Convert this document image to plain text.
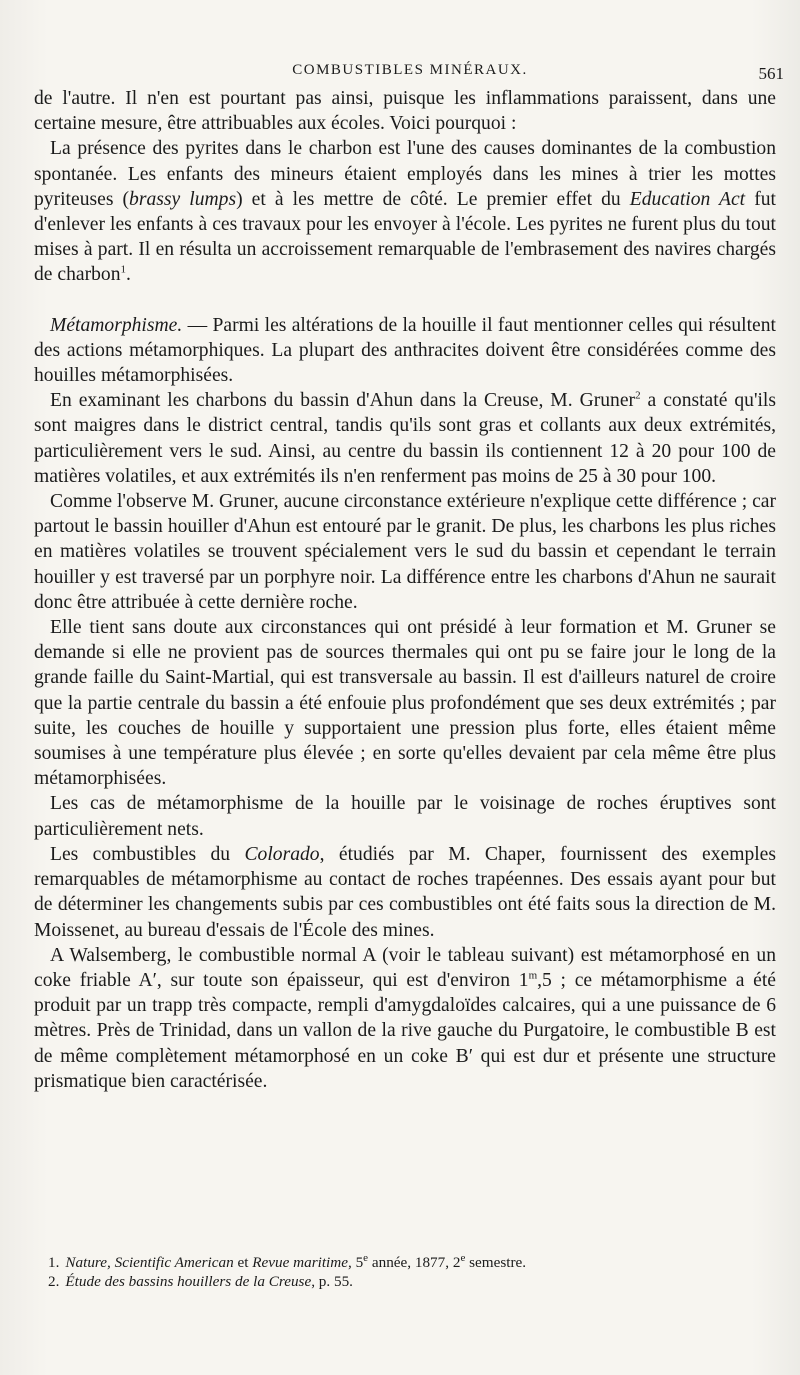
COMBUSTIBLES MINÉRAUX.	561

de l'autre. Il n'en est pourtant pas ainsi, puisque les inflammations paraissent, dans une certaine mesure, être attribuables aux écoles. Voici pourquoi :

La présence des pyrites dans le charbon est l'une des causes dominantes de la combustion spontanée. Les enfants des mineurs étaient employés dans les mines à trier les mottes pyriteuses (brassy lumps) et à les mettre de côté. Le premier effet du Education Act fut d'enlever les enfants à ces travaux pour les envoyer à l'école. Les pyrites ne furent plus du tout mises à part. Il en résulta un accroissement remarquable de l'embrasement des navires chargés de charbon$^1$.

Métamorphisme. — Parmi les altérations de la houille il faut mentionner celles qui résultent des actions métamorphiques. La plupart des anthracites doivent être considérées comme des houilles métamorphisées.

En examinant les charbons du bassin d'Ahun dans la Creuse, M. Gruner$^2$ a constaté qu'ils sont maigres dans le district central, tandis qu'ils sont gras et collants aux deux extrémités, particulièrement vers le sud. Ainsi, au centre du bassin ils contiennent 12 à 20 pour 100 de matières volatiles, et aux extrémités ils n'en renferment pas moins de 25 à 30 pour 100.

Comme l'observe M. Gruner, aucune circonstance extérieure n'explique cette différence ; car partout le bassin houiller d'Ahun est entouré par le granit. De plus, les charbons les plus riches en matières volatiles se trouvent spécialement vers le sud du bassin et cependant le terrain houiller y est traversé par un porphyre noir. La différence entre les charbons d'Ahun ne saurait donc être attribuée à cette dernière roche.

Elle tient sans doute aux circonstances qui ont présidé à leur formation et M. Gruner se demande si elle ne provient pas de sources thermales qui ont pu se faire jour le long de la grande faille du Saint-Martial, qui est transversale au bassin. Il est d'ailleurs naturel de croire que la partie centrale du bassin a été enfouie plus profondément que ses deux extrémités ; par suite, les couches de houille y supportaient une pression plus forte, elles étaient même soumises à une température plus élevée ; en sorte qu'elles devaient par cela même être plus métamorphisées.

Les cas de métamorphisme de la houille par le voisinage de roches éruptives sont particulièrement nets.

Les combustibles du Colorado, étudiés par M. Chaper, fournissent des exemples remarquables de métamorphisme au contact de roches trapéennes. Des essais ayant pour but de déterminer les changements subis par ces combustibles ont été faits sous la direction de M. Moissenet, au bureau d'essais de l'École des mines.

A Walsemberg, le combustible normal A (voir le tableau suivant) est métamorphosé en un coke friable A′, sur toute son épaisseur, qui est d'environ 1$^m$,5 ; ce métamorphisme a été produit par un trapp très compacte, rempli d'amygdaloïdes calcaires, qui a une puissance de 6 mètres. Près de Trinidad, dans un vallon de la rive gauche du Purgatoire, le combustible B est de même complètement métamorphosé en un coke B′ qui est dur et présente une structure prismatique bien caractérisée.

1. Nature, Scientific American et Revue maritime, 5e année, 1877, 2e semestre.

2. Étude des bassins houillers de la Creuse, p. 55.
